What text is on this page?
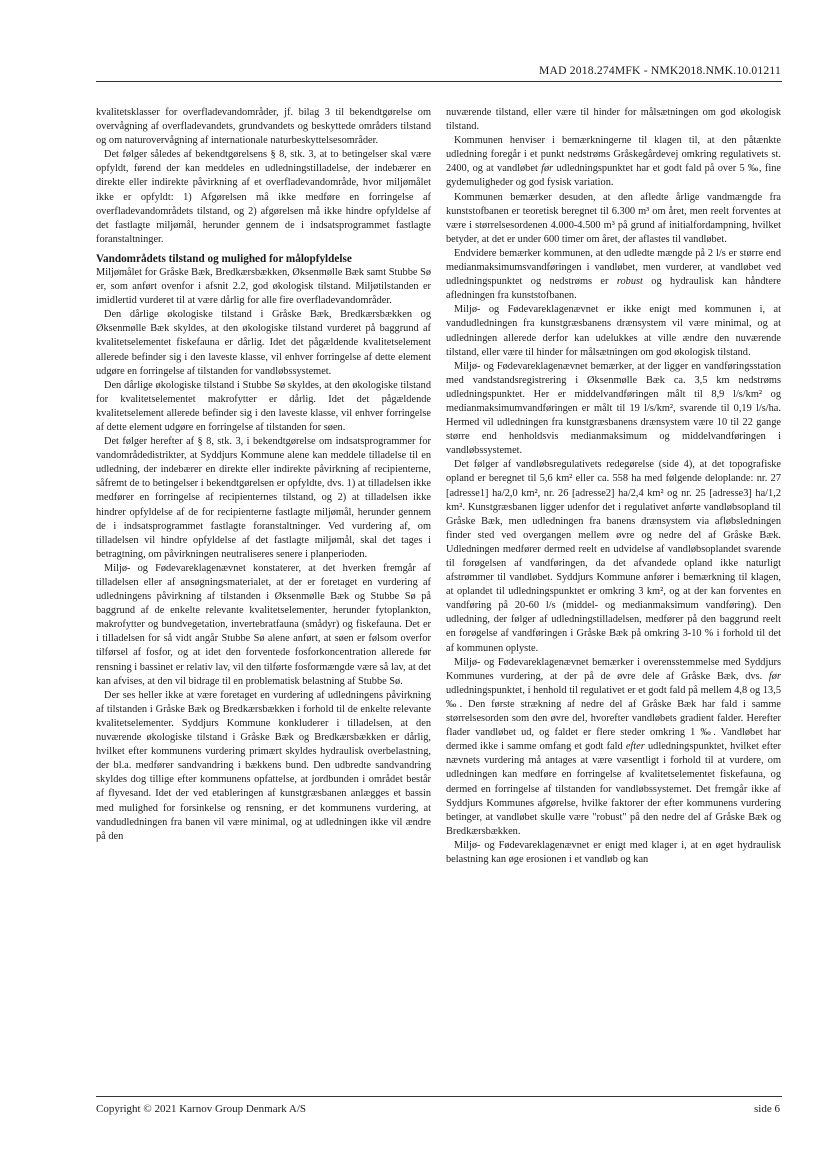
MAD 2018.274MFK - NMK2018.NMK.10.01211

kvalitetsklasser for overfladevandområder, jf. bilag 3 til bekendtgørelse om overvågning af overfladevandets, grundvandets og beskyttede områders tilstand og om naturovervågning af internationale naturbeskyttelsesområder.

Det følger således af bekendtgørelsens § 8, stk. 3, at to betingelser skal være opfyldt, førend der kan meddeles en udledningstilladelse, der indebærer en direkte eller indirekte påvirkning af et overfladevandområde, hvor miljømålet ikke er opfyldt: 1) Afgørelsen må ikke medføre en forringelse af overfladevandområdets tilstand, og 2) afgørelsen må ikke hindre opfyldelse af det fastlagte miljømål, herunder gennem de i indsatsprogrammet fastlagte foranstaltninger.

Vandområdets tilstand og mulighed for målopfyldelse

Miljømålet for Gråske Bæk, Bredkærsbækken, Øksenmølle Bæk samt Stubbe Sø er, som anført ovenfor i afsnit 2.2, god økologisk tilstand. Miljøtilstanden er imidlertid vurderet til at være dårlig for alle fire overfladevandområder.

Den dårlige økologiske tilstand i Gråske Bæk, Bredkærsbækken og Øksenmølle Bæk skyldes, at den økologiske tilstand vurderet på baggrund af kvalitetselementet fiskefauna er dårlig. Idet det pågældende kvalitetselement allerede befinder sig i den laveste klasse, vil enhver forringelse af dette element udgøre en forringelse af tilstanden for vandløbssystemet.

Den dårlige økologiske tilstand i Stubbe Sø skyldes, at den økologiske tilstand for kvalitetselementet makrofytter er dårlig. Idet det pågældende kvalitetselement allerede befinder sig i den laveste klasse, vil enhver forringelse af dette element udgøre en forringelse af tilstanden for søen.

Det følger herefter af § 8, stk. 3, i bekendtgørelse om indsatsprogrammer for vandområdedistrikter, at Syddjurs Kommune alene kan meddele tilladelse til en udledning, der indebærer en direkte eller indirekte påvirkning af recipienterne, såfremt de to betingelser i bekendtgørelsen er opfyldte, dvs. 1) at tilladelsen ikke medfører en forringelse af recipienternes tilstand, og 2) at tilladelsen ikke hindrer opfyldelse af de for recipienterne fastlagte miljømål, herunder gennem de i indsatsprogrammet fastlagte foranstaltninger. Ved vurdering af, om tilladelsen vil hindre opfyldelse af det fastlagte miljømål, skal det tages i betragtning, om påvirkningen neutraliseres senere i planperioden.

Miljø- og Fødevareklagenævnet konstaterer, at det hverken fremgår af tilladelsen eller af ansøgningsmaterialet, at der er foretaget en vurdering af udledningens påvirkning af tilstanden i Øksenmølle Bæk og Stubbe Sø på baggrund af de enkelte relevante kvalitetselementer, herunder fytoplankton, makrofytter og bundvegetation, invertebratfauna (smådyr) og fiskefauna. Det er i tilladelsen for så vidt angår Stubbe Sø alene anført, at søen er følsom overfor tilførsel af fosfor, og at idet den forventede fosforkoncentration allerede før rensning i bassinet er relativ lav, vil den tilførte fosformængde være så lav, at det kan afvises, at den vil bidrage til en problematisk belastning af Stubbe Sø.

Der ses heller ikke at være foretaget en vurdering af udledningens påvirkning af tilstanden i Gråske Bæk og Bredkærsbækken i forhold til de enkelte relevante kvalitetselementer. Syddjurs Kommune konkluderer i tilladelsen, at den nuværende økologiske tilstand i Gråske Bæk og Bredkærsbækken er dårlig, hvilket efter kommunens vurdering primært skyldes hydraulisk overbelastning, der bl.a. medfører sandvandring i bækkens bund. Den udbredte sandvandring skyldes dog tillige efter kommunens opfattelse, at jordbunden i området består af flyvesand. Idet der ved etableringen af kunstgræsbanen anlægges et bassin med mulighed for forsinkelse og rensning, er det kommunens vurdering, at vandudledningen fra banen vil være minimal, og at udledningen ikke vil ændre på den

nuværende tilstand, eller være til hinder for målsætningen om god økologisk tilstand.

Kommunen henviser i bemærkningerne til klagen til, at den påtænkte udledning foregår i et punkt nedstrøms Gråskegårdevej omkring regulativets st. 2400, og at vandløbet før udledningspunktet har et godt fald på over 5 ‰, fine gydemuligheder og god fysisk variation.

Kommunen bemærker desuden, at den afledte årlige vandmængde fra kunststofbanen er teoretisk beregnet til 6.300 m³ om året, men reelt forventes at være i størrelsesordenen 4.000-4.500 m³ på grund af initialfordampning, hvilket betyder, at det er under 600 timer om året, der aflastes til vandløbet.

Endvidere bemærker kommunen, at den udledte mængde på 2 l/s er større end medianmaksimumsvandføringen i vandløbet, men vurderer, at vandløbet ved udledningspunktet og nedstrøms er robust og hydraulisk kan håndtere afledningen fra kunststofbanen.

Miljø- og Fødevareklagenævnet er ikke enigt med kommunen i, at vandudledningen fra kunstgræsbanens drænsystem vil være minimal, og at udledningen allerede derfor kan udelukkes at ville ændre den nuværende tilstand, eller være til hinder for målsætningen om god økologisk tilstand.

Miljø- og Fødevareklagenævnet bemærker, at der ligger en vandføringsstation med vandstandsregistrering i Øksenmølle Bæk ca. 3,5 km nedstrøms udledningspunktet. Her er middelvandføringen målt til 8,9 l/s/km² og medianmaksimumvandføringen er målt til 19 l/s/km², svarende til 0,19 l/s/ha. Hermed vil udledningen fra kunstgræsbanens drænsystem være 10 til 22 gange større end henholdsvis medianmaksimum og middelvandføringen i vandløbssystemet.

Det følger af vandløbsregulativets redegørelse (side 4), at det topografiske opland er beregnet til 5,6 km² eller ca. 558 ha med følgende deloplande: nr. 27 [adresse1] ha/2,0 km², nr. 26 [adresse2] ha/2,4 km² og nr. 25 [adresse3] ha/1,2 km². Kunstgræsbanen ligger udenfor det i regulativet anførte vandløbsopland til Gråske Bæk, men udledningen fra banens drænsystem via afløbsledningen finder sted ved overgangen mellem øvre og nedre del af Gråske Bæk. Udledningen medfører dermed reelt en udvidelse af vandløbsoplandet svarende til forøgelsen af vandføringen, da det afvandede opland ikke naturligt afstrømmer til vandløbet. Syddjurs Kommune anfører i bemærkning til klagen, at oplandet til udledningspunktet er omkring 3 km², og at der kan forventes en vandføring på 20-60 l/s (middel- og medianmaksimum vandføring). Den udledning, der følger af udledningstilladelsen, medfører på den baggrund reelt en forøgelse af vandføringen i Gråske Bæk på omkring 3-10 % i forhold til det af kommunen oplyste.

Miljø- og Fødevareklagenævnet bemærker i overensstemmelse med Syddjurs Kommunes vurdering, at der på de øvre dele af Gråske Bæk, dvs. før udledningspunktet, i henhold til regulativet er et godt fald på mellem 4,8 og 13,5 ‰. Den første strækning af nedre del af Gråske Bæk har fald i samme størrelsesorden som den øvre del, hvorefter vandløbets gradient falder. Herefter flader vandløbet ud, og faldet er flere steder omkring 1 ‰. Vandløbet har dermed ikke i samme omfang et godt fald efter udledningspunktet, hvilket efter nævnets vurdering må antages at være væsentligt i forhold til at vurdere, om udledningen kan medføre en forringelse af kvalitetselementet fiskefauna, og dermed en forringelse af tilstanden for vandløbssystemet. Det fremgår ikke af Syddjurs Kommunes afgørelse, hvilke faktorer der efter kommunens vurdering betinger, at vandløbet skulle være "robust" på den nedre del af Gråske Bæk og Bredkærsbækken.

Miljø- og Fødevareklagenævnet er enigt med klager i, at en øget hydraulisk belastning kan øge erosionen i et vandløb og kan

Copyright © 2021 Karnov Group Denmark A/S	side 6
